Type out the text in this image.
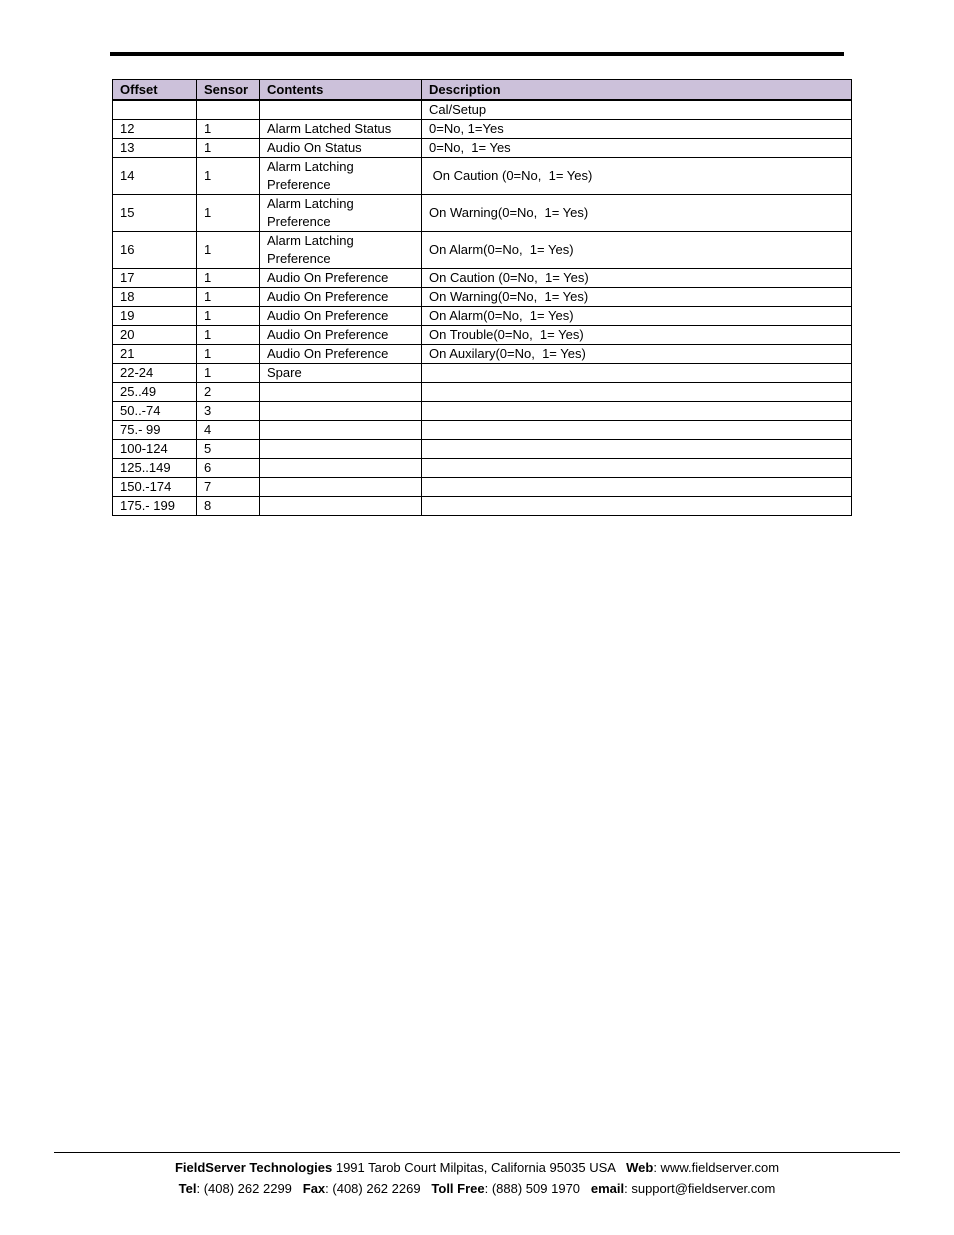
Offset	Sensor	Contents	Description
			Cal/Setup
12	1	Alarm Latched Status	0=No, 1=Yes
13	1	Audio On Status	0=No,  1= Yes
14	1	Alarm Latching Preference	On Caution (0=No,  1= Yes)
15	1	Alarm Latching Preference	On Warning(0=No,  1= Yes)
16	1	Alarm Latching Preference	On Alarm(0=No,  1= Yes)
17	1	Audio On Preference	On Caution (0=No,  1= Yes)
18	1	Audio On Preference	On Warning(0=No,  1= Yes)
19	1	Audio On Preference	On Alarm(0=No,  1= Yes)
20	1	Audio On Preference	On Trouble(0=No,  1= Yes)
21	1	Audio On Preference	On Auxilary(0=No,  1= Yes)
22-24	1	Spare	
25..49	2		
50..-74	3		
75.- 99	4		
100-124	5		
125..149	6		
150.-174	7		
175.- 199	8		
FieldServer Technologies 1991 Tarob Court Milpitas, California 95035 USA   Web: www.fieldserver.com
Tel: (408) 262 2299   Fax: (408) 262 2269   Toll Free: (888) 509 1970   email: support@fieldserver.com
